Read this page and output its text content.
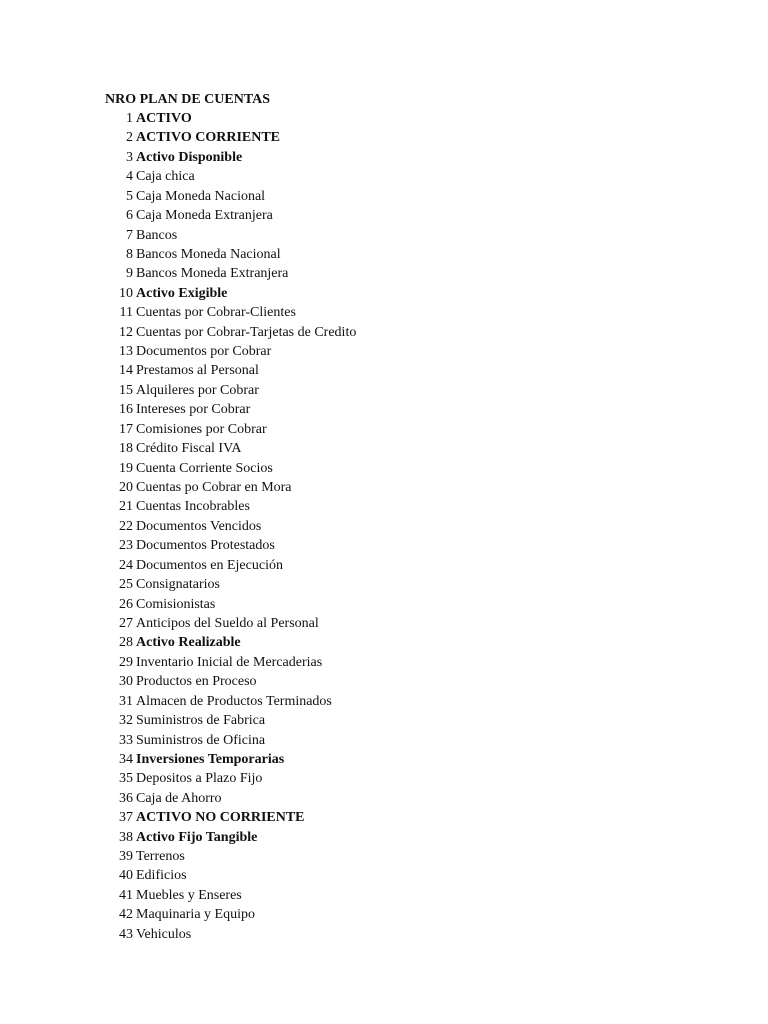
NRO PLAN DE CUENTAS
1 ACTIVO
2 ACTIVO CORRIENTE
3 Activo Disponible
4 Caja chica
5 Caja Moneda Nacional
6 Caja Moneda Extranjera
7 Bancos
8 Bancos Moneda Nacional
9 Bancos Moneda Extranjera
10 Activo Exigible
11 Cuentas por Cobrar-Clientes
12 Cuentas por Cobrar-Tarjetas de Credito
13 Documentos por Cobrar
14 Prestamos al Personal
15 Alquileres por Cobrar
16 Intereses por Cobrar
17 Comisiones por Cobrar
18 Crédito Fiscal IVA
19 Cuenta Corriente Socios
20 Cuentas po Cobrar en Mora
21 Cuentas Incobrables
22 Documentos Vencidos
23 Documentos Protestados
24 Documentos en Ejecución
25 Consignatarios
26 Comisionistas
27 Anticipos del Sueldo al Personal
28 Activo Realizable
29 Inventario Inicial de Mercaderias
30 Productos en Proceso
31 Almacen de Productos Terminados
32 Suministros de Fabrica
33 Suministros de Oficina
34 Inversiones Temporarias
35 Depositos a Plazo Fijo
36 Caja de Ahorro
37 ACTIVO NO CORRIENTE
38 Activo Fijo Tangible
39 Terrenos
40 Edificios
41 Muebles y Enseres
42 Maquinaria y Equipo
43 Vehiculos
